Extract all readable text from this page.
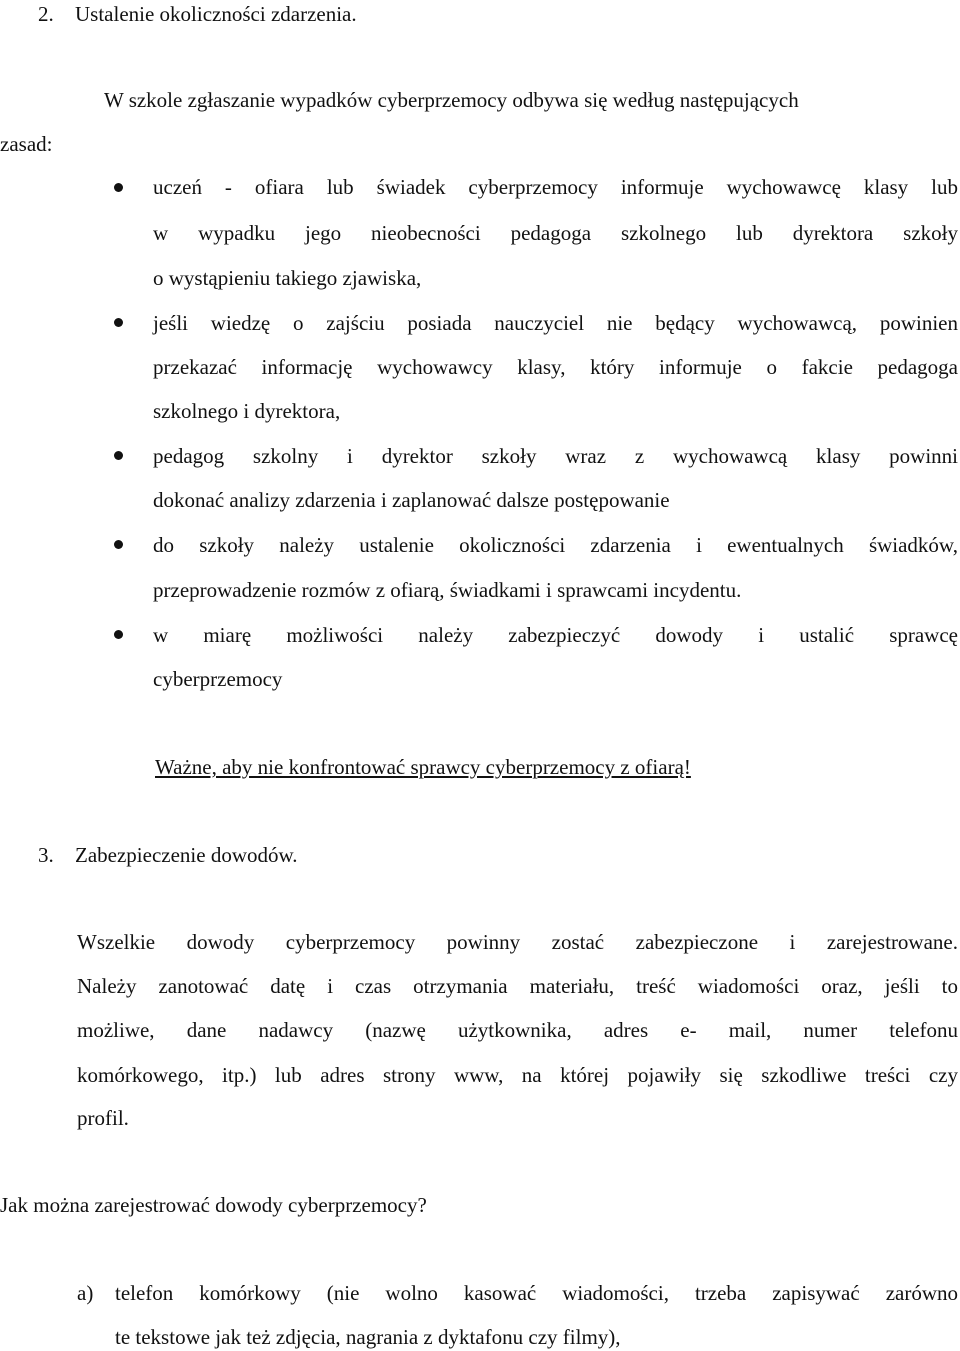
2. Ustalenie okoliczności zdarzenia.
W szkole zgłaszanie wypadków cyberprzemocy odbywa się według następujących
zasad:
uczeń - ofiara lub świadek cyberprzemocy informuje wychowawcę klasy lub
w wypadku jego nieobecności pedagoga szkolnego lub dyrektora szkoły
o wystąpieniu takiego zjawiska,
jeśli wiedzę o zajściu posiada nauczyciel nie będący wychowawcą, powinien
przekazać informację wychowawcy klasy, który informuje o fakcie pedagoga
szkolnego i dyrektora,
pedagog szkolny i dyrektor szkoły wraz z wychowawcą klasy powinni
dokonać analizy zdarzenia i zaplanować dalsze postępowanie
do szkoły należy ustalenie okoliczności zdarzenia i ewentualnych świadków,
przeprowadzenie rozmów z ofiarą, świadkami i sprawcami incydentu.
w miarę możliwości należy zabezpieczyć dowody i ustalić sprawcę
cyberprzemocy
Ważne, aby nie konfrontować sprawcy cyberprzemocy z ofiarą!
3. Zabezpieczenie dowodów.
Wszelkie dowody cyberprzemocy powinny zostać zabezpieczone i zarejestrowane.
Należy zanotować datę i czas otrzymania materiału, treść wiadomości oraz, jeśli to
możliwe, dane nadawcy (nazwę użytkownika, adres e- mail, numer telefonu
komórkowego, itp.) lub adres strony www, na której pojawiły się szkodliwe treści czy
profil.
Jak można zarejestrować dowody cyberprzemocy?
a) telefon komórkowy (nie wolno kasować wiadomości, trzeba zapisywać zarówno
te tekstowe jak też zdjęcia, nagrania z dyktafonu czy filmy),
